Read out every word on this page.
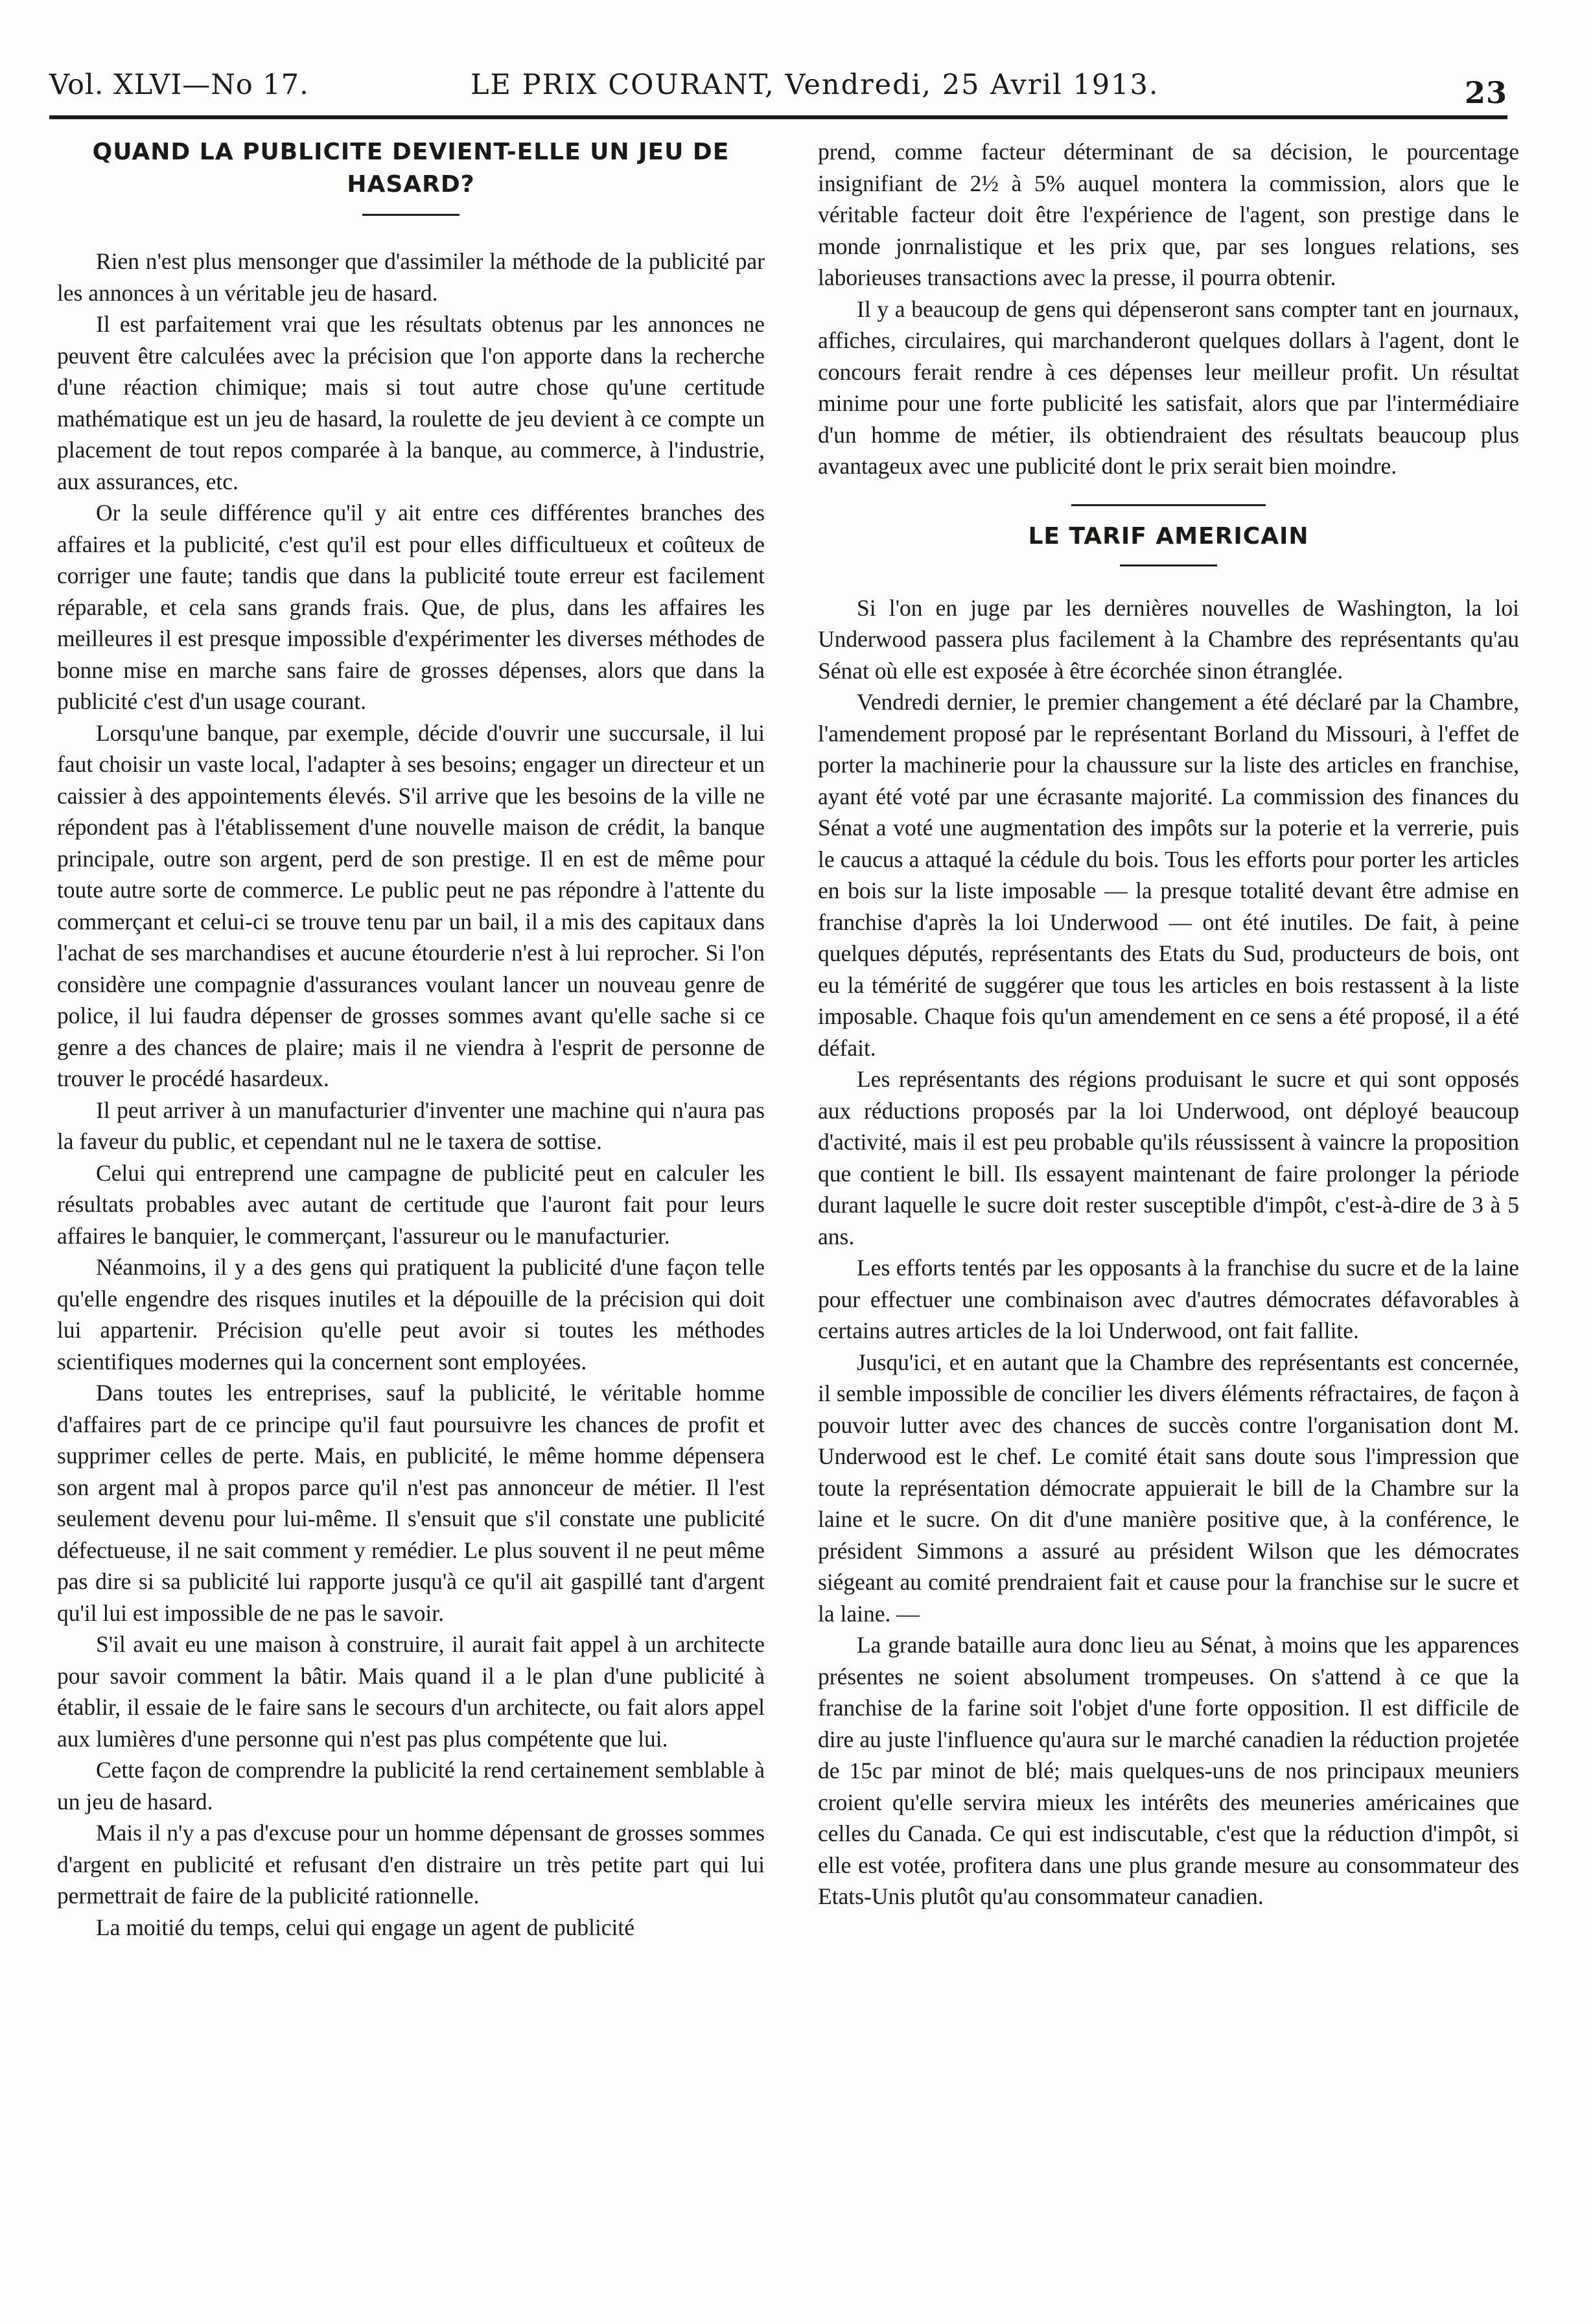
Vol. XLVI—No 17.	LE PRIX COURANT, Vendredi, 25 Avril 1913.	23
QUAND LA PUBLICITE DEVIENT-ELLE UN JEU DE HASARD?

Rien n'est plus mensonger que d'assimiler la méthode de la publicité par les annonces à un véritable jeu de hasard.

Il est parfaitement vrai que les résultats obtenus par les annonces ne peuvent être calculées avec la précision que l'on apporte dans la recherche d'une réaction chimique; mais si tout autre chose qu'une certitude mathématique est un jeu de hasard, la roulette de jeu devient à ce compte un placement de tout repos comparée à la banque, au commerce, à l'industrie, aux assurances, etc.

Or la seule différence qu'il y ait entre ces différentes branches des affaires et la publicité, c'est qu'il est pour elles difficultueux et coûteux de corriger une faute; tandis que dans la publicité toute erreur est facilement réparable, et cela sans grands frais. Que, de plus, dans les affaires les meilleures il est presque impossible d'expérimenter les diverses méthodes de bonne mise en marche sans faire de grosses dépenses, alors que dans la publicité c'est d'un usage courant.

Lorsqu'une banque, par exemple, décide d'ouvrir une succursale, il lui faut choisir un vaste local, l'adapter à ses besoins; engager un directeur et un caissier à des appointements élevés. S'il arrive que les besoins de la ville ne répondent pas à l'établissement d'une nouvelle maison de crédit, la banque principale, outre son argent, perd de son prestige. Il en est de même pour toute autre sorte de commerce. Le public peut ne pas répondre à l'attente du commerçant et celui-ci se trouve tenu par un bail, il a mis des capitaux dans l'achat de ses marchandises et aucune étourderie n'est à lui reprocher. Si l'on considère une compagnie d'assurances voulant lancer un nouveau genre de police, il lui faudra dépenser de grosses sommes avant qu'elle sache si ce genre a des chances de plaire; mais il ne viendra à l'esprit de personne de trouver le procédé hasardeux.

Il peut arriver à un manufacturier d'inventer une machine qui n'aura pas la faveur du public, et cependant nul ne le taxera de sottise.

Celui qui entreprend une campagne de publicité peut en calculer les résultats probables avec autant de certitude que l'auront fait pour leurs affaires le banquier, le commerçant, l'assureur ou le manufacturier.

Néanmoins, il y a des gens qui pratiquent la publicité d'une façon telle qu'elle engendre des risques inutiles et la dépouille de la précision qui doit lui appartenir. Précision qu'elle peut avoir si toutes les méthodes scientifiques modernes qui la concernent sont employées.

Dans toutes les entreprises, sauf la publicité, le véritable homme d'affaires part de ce principe qu'il faut poursuivre les chances de profit et supprimer celles de perte. Mais, en publicité, le même homme dépensera son argent mal à propos parce qu'il n'est pas annonceur de métier. Il l'est seulement devenu pour lui-même. Il s'ensuit que s'il constate une publicité défectueuse, il ne sait comment y remédier. Le plus souvent il ne peut même pas dire si sa publicité lui rapporte jusqu'à ce qu'il ait gaspillé tant d'argent qu'il lui est impossible de ne pas le savoir.

S'il avait eu une maison à construire, il aurait fait appel à un architecte pour savoir comment la bâtir. Mais quand il a le plan d'une publicité à établir, il essaie de le faire sans le secours d'un architecte, ou fait alors appel aux lumières d'une personne qui n'est pas plus compétente que lui.

Cette façon de comprendre la publicité la rend certainement semblable à un jeu de hasard.

Mais il n'y a pas d'excuse pour un homme dépensant de grosses sommes d'argent en publicité et refusant d'en distraire un très petite part qui lui permettrait de faire de la publicité rationnelle.

La moitié du temps, celui qui engage un agent de publicité

prend, comme facteur déterminant de sa décision, le pourcentage insignifiant de 2½ à 5% auquel montera la commission, alors que le véritable facteur doit être l'expérience de l'agent, son prestige dans le monde jonrnalistique et les prix que, par ses longues relations, ses laborieuses transactions avec la presse, il pourra obtenir.

Il y a beaucoup de gens qui dépenseront sans compter tant en journaux, affiches, circulaires, qui marchanderont quelques dollars à l'agent, dont le concours ferait rendre à ces dépenses leur meilleur profit. Un résultat minime pour une forte publicité les satisfait, alors que par l'intermédiaire d'un homme de métier, ils obtiendraient des résultats beaucoup plus avantageux avec une publicité dont le prix serait bien moindre.

LE TARIF AMERICAIN

Si l'on en juge par les dernières nouvelles de Washington, la loi Underwood passera plus facilement à la Chambre des représentants qu'au Sénat où elle est exposée à être écorchée sinon étranglée.

Vendredi dernier, le premier changement a été déclaré par la Chambre, l'amendement proposé par le représentant Borland du Missouri, à l'effet de porter la machinerie pour la chaussure sur la liste des articles en franchise, ayant été voté par une écrasante majorité. La commission des finances du Sénat a voté une augmentation des impôts sur la poterie et la verrerie, puis le caucus a attaqué la cédule du bois. Tous les efforts pour porter les articles en bois sur la liste imposable — la presque totalité devant être admise en franchise d'après la loi Underwood — ont été inutiles. De fait, à peine quelques députés, représentants des Etats du Sud, producteurs de bois, ont eu la témérité de suggérer que tous les articles en bois restassent à la liste imposable. Chaque fois qu'un amendement en ce sens a été proposé, il a été défait.

Les représentants des régions produisant le sucre et qui sont opposés aux réductions proposés par la loi Underwood, ont déployé beaucoup d'activité, mais il est peu probable qu'ils réussissent à vaincre la proposition que contient le bill. Ils essayent maintenant de faire prolonger la période durant laquelle le sucre doit rester susceptible d'impôt, c'est-à-dire de 3 à 5 ans.

Les efforts tentés par les opposants à la franchise du sucre et de la laine pour effectuer une combinaison avec d'autres démocrates défavorables à certains autres articles de la loi Underwood, ont fait fallite.

Jusqu'ici, et en autant que la Chambre des représentants est concernée, il semble impossible de concilier les divers éléments réfractaires, de façon à pouvoir lutter avec des chances de succès contre l'organisation dont M. Underwood est le chef. Le comité était sans doute sous l'impression que toute la représentation démocrate appuierait le bill de la Chambre sur la laine et le sucre. On dit d'une manière positive que, à la conférence, le président Simmons a assuré au président Wilson que les démocrates siégeant au comité prendraient fait et cause pour la franchise sur le sucre et la laine. —

La grande bataille aura donc lieu au Sénat, à moins que les apparences présentes ne soient absolument trompeuses. On s'attend à ce que la franchise de la farine soit l'objet d'une forte opposition. Il est difficile de dire au juste l'influence qu'aura sur le marché canadien la réduction projetée de 15c par minot de blé; mais quelques-uns de nos principaux meuniers croient qu'elle servira mieux les intérêts des meuneries américaines que celles du Canada. Ce qui est indiscutable, c'est que la réduction d'impôt, si elle est votée, profitera dans une plus grande mesure au consommateur des Etats-Unis plutôt qu'au consommateur canadien.
